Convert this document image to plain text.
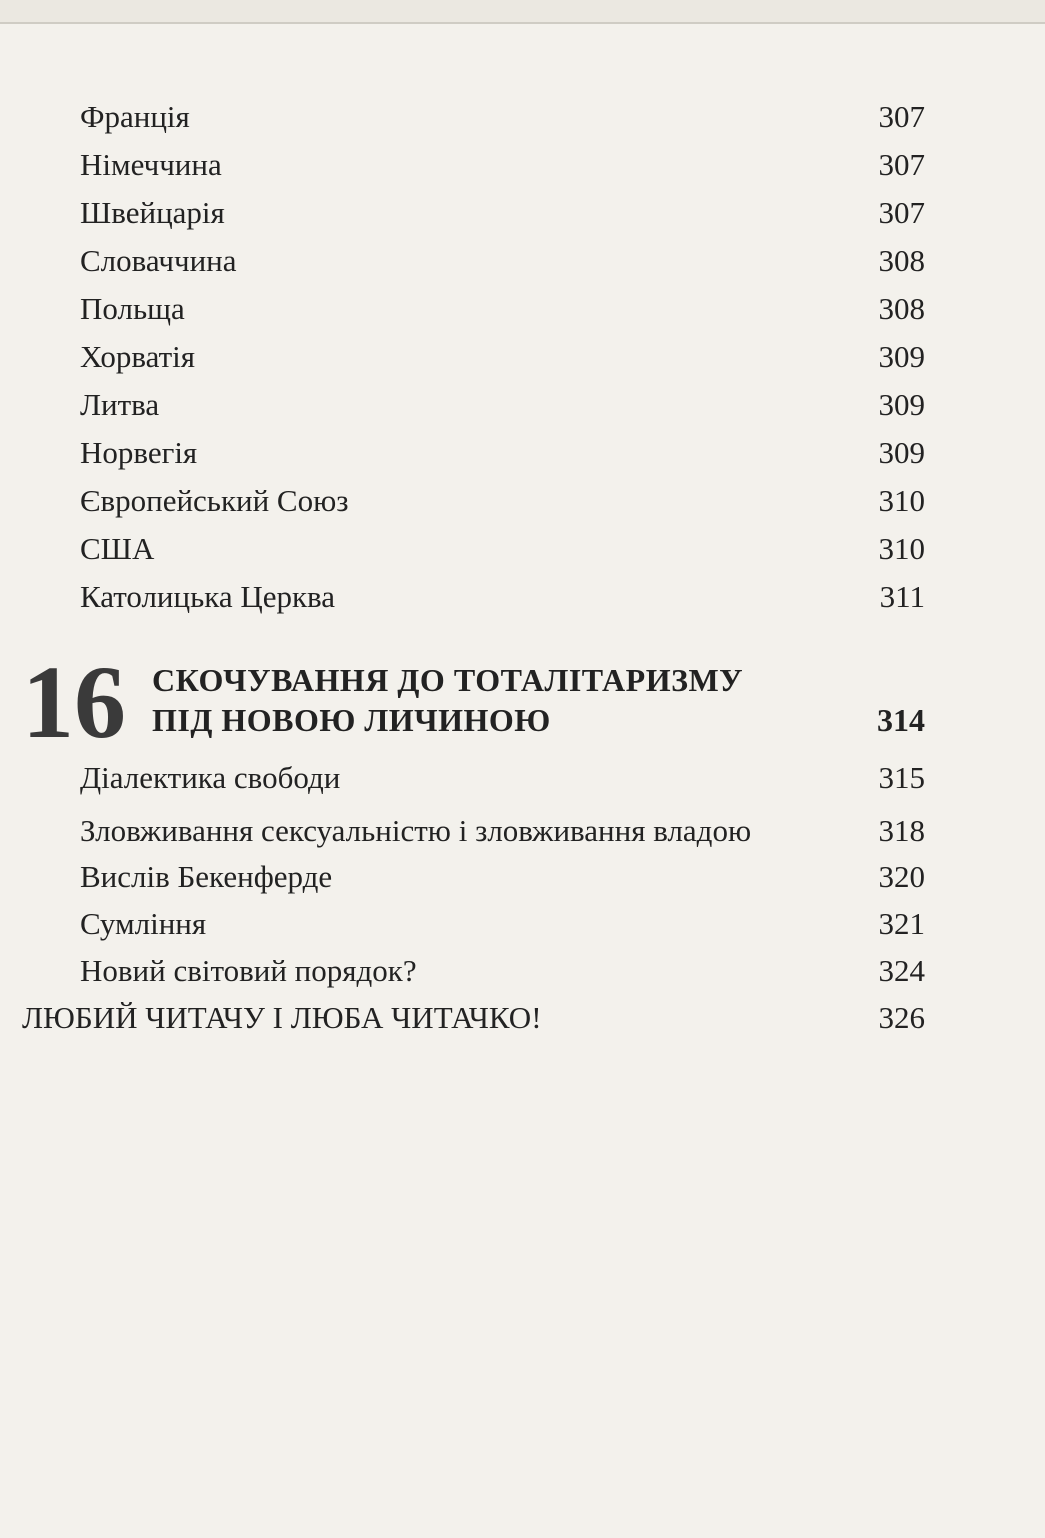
Франція	307
Німеччина	307
Швейцарія	307
Словаччина	308
Польща	308
Хорватія	309
Литва	309
Норвегія	309
Європейський Союз	310
США	310
Католицька Церква	311
16 СКОЧУВАННЯ ДО ТОТАЛІТАРИЗМУ
ПІД НОВОЮ ЛИЧИНОЮ	314
Діалектика свободи	315
Зловживання сексуальністю і зловживання владою	318
Вислів Бекенферде	320
Сумління	321
Новий світовий порядок?	324
ЛЮБИЙ ЧИТАЧУ І ЛЮБА ЧИТАЧКО!	326
